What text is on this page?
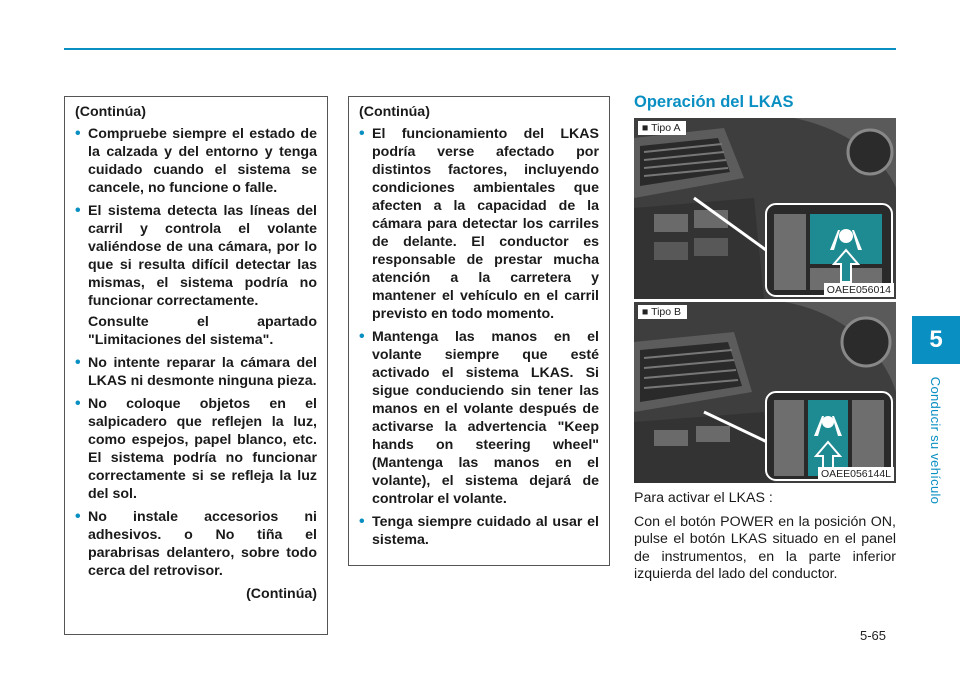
5
Conducir su vehículo
(Continúa)
• Compruebe siempre el estado de la calzada y del entorno y tenga cuidado cuando el sistema se cancele, no funcione o falle.
• El sistema detecta las líneas del carril y controla el volante valiéndose de una cámara, por lo que si resulta difícil detectar las mismas, el sistema podría no funcionar correctamente.

Consulte el apartado "Limitaciones del sistema".

• No intente reparar la cámara del LKAS ni desmonte ninguna pieza.
• No coloque objetos en el salpicadero que reflejen la luz, como espejos, papel blanco, etc. El sistema podría no funcionar correctamente si se refleja la luz del sol.
• No instale accesorios ni adhesivos. o No tiña el parabrisas delantero, sobre todo cerca del retrovisor.
(Continúa)
(Continúa)
• El funcionamiento del LKAS podría verse afectado por distintos factores, incluyendo condiciones ambientales que afecten a la capacidad de la cámara para detectar los carriles de delante. El conductor es responsable de prestar mucha atención a la carretera y mantener el vehículo en el carril previsto en todo momento.
• Mantenga las manos en el volante siempre que esté activado el sistema LKAS. Si sigue conduciendo sin tener las manos en el volante después de activarse la advertencia "Keep hands on steering wheel"(Mantenga las manos en el volante), el sistema dejará de controlar el volante.
• Tenga siempre cuidado al usar el sistema.
Operación del LKAS
■ Tipo A
OAEE056014
■ Tipo B
OAEE056144L

Para activar el LKAS :

Con el botón POWER en la posición ON, pulse el botón LKAS situado en el panel de instrumentos, en la parte inferior izquierda del lado del conductor.

5-65
